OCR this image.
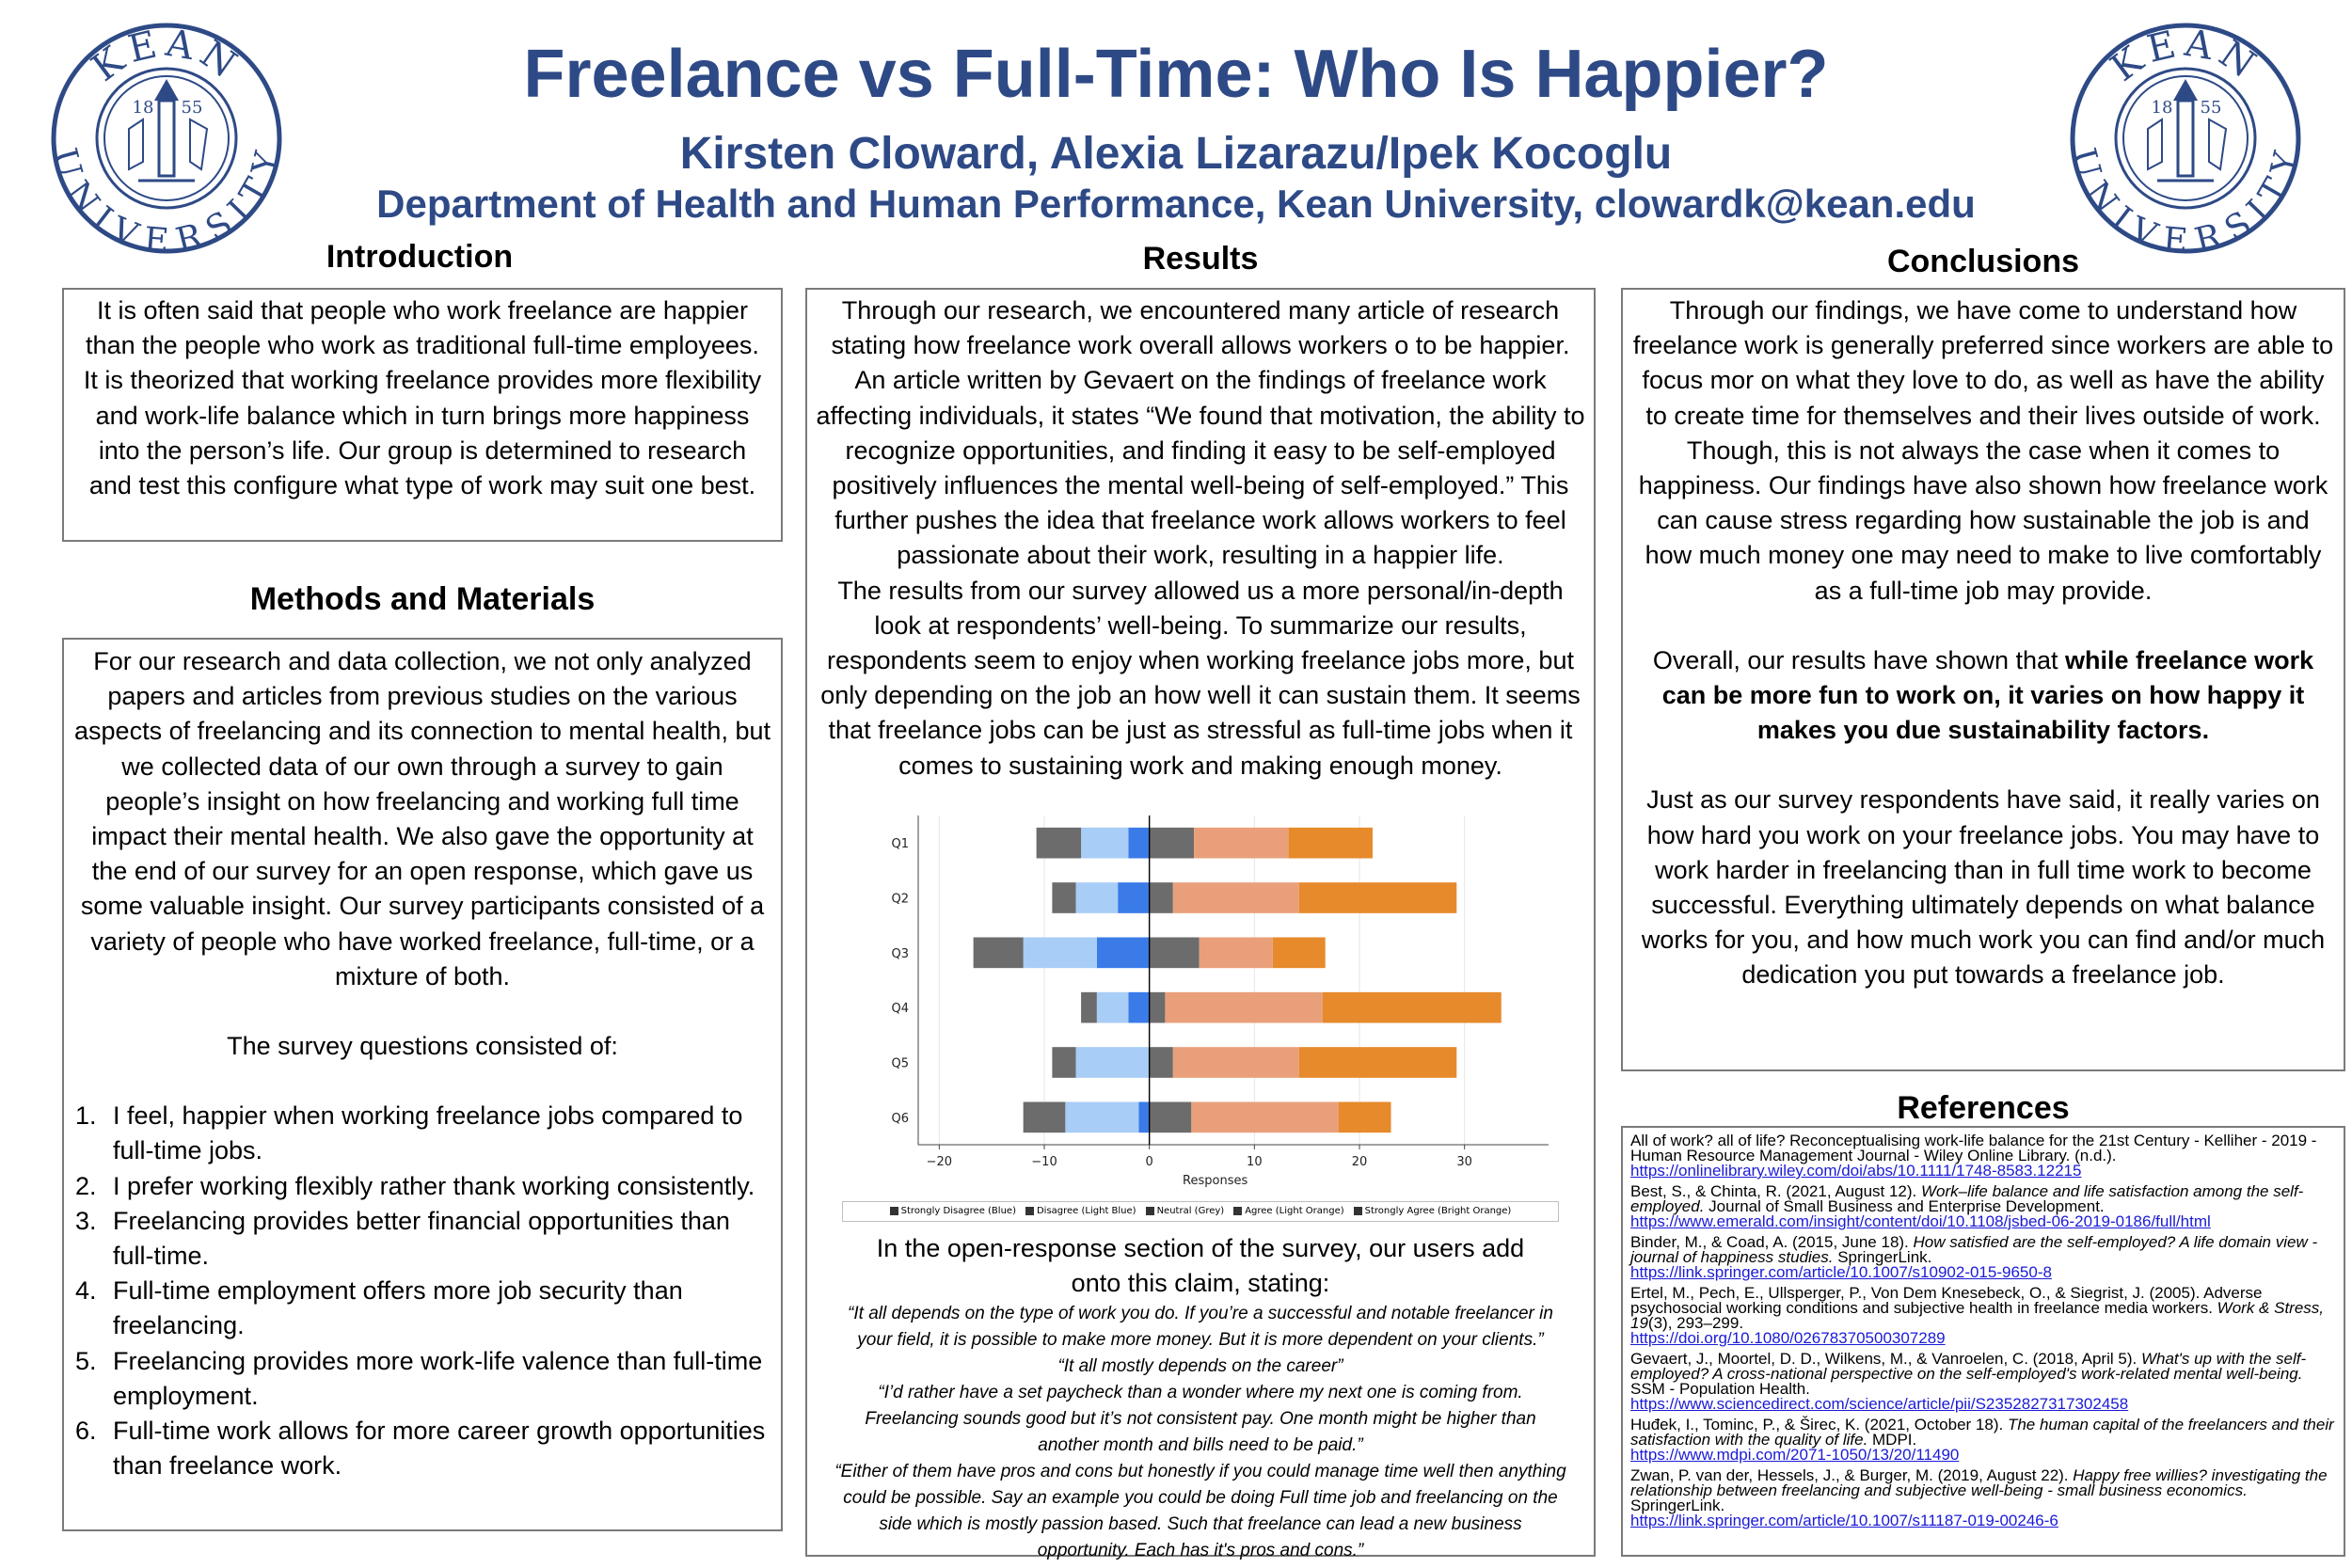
KEAN
UNIVERSITY
18 55
KEAN
UNIVERSITY
18 55
Freelance vs Full-Time: Who Is Happier?
Kirsten Cloward, Alexia Lizarazu/Ipek Kocoglu
Department of Health and Human Performance, Kean University, clowardk@kean.edu
Introduction
It is often said that people who work freelance are happier than the people who work as traditional full-time employees. It is theorized that working freelance provides more flexibility and work-life balance which in turn brings more happiness into the person’s life. Our group is determined to research and test this configure what type of work may suit one best.
Methods and Materials
For our research and data collection, we not only analyzed papers and articles from previous studies on the various aspects of freelancing and its connection to mental health, but we collected data of our own through a survey to gain people’s insight on how freelancing and working full time impact their mental health. We also gave the opportunity at the end of our survey for an open response, which gave us some valuable insight. Our survey participants consisted of a variety of people who have worked freelance, full-time, or a mixture of both.
The survey questions consisted of:
1. I feel, happier when working freelance jobs compared to full-time jobs.
2. I prefer working flexibly rather thank working consistently.
3. Freelancing provides better financial opportunities than full-time.
4. Full-time employment offers more job security than freelancing.
5. Freelancing provides more work-life valence than full-time employment.
6. Full-time work allows for more career growth opportunities than freelance work.
Results
Through our research, we encountered many article of research stating how freelance work overall allows workers o to be happier. An article written by Gevaert on the findings of freelance work affecting individuals, it states “We found that motivation, the ability to recognize opportunities, and finding it easy to be self-employed positively influences the mental well-being of self-employed.” This further pushes the idea that freelance work allows workers to feel passionate about their work, resulting in a happier life.
The results from our survey allowed us a more personal/in-depth look at respondents’ well-being. To summarize our results, respondents seem to enjoy when working freelance jobs more, but only depending on the job an how well it can sustain them. It seems that freelance jobs can be just as stressful as full-time jobs when it comes to sustaining work and making enough money.
Q1
Q2
Q3
Q4
Q5
Q6
−20	−10	0	10	20	30
Responses
Strongly Disagree (Blue) Disagree (Light Blue) Neutral (Grey) Agree (Light Orange) Strongly Agree (Bright Orange)
In the open-response section of the survey, our users add onto this claim, stating:
“It all depends on the type of work you do. If you’re a successful and notable freelancer in your field, it is possible to make more money. But it is more dependent on your clients.”
“It all mostly depends on the career”
“I’d rather have a set paycheck than a wonder where my next one is coming from. Freelancing sounds good but it’s not consistent pay. One month might be higher than another month and bills need to be paid.”
“Either of them have pros and cons but honestly if you could manage time well then anything could be possible. Say an example you could be doing Full time job and freelancing on the side which is mostly passion based. Such that freelance can lead a new business opportunity. Each has it's pros and cons.”
Conclusions
Through our findings, we have come to understand how freelance work is generally preferred since workers are able to focus mor on what they love to do, as well as have the ability to create time for themselves and their lives outside of work.
Though, this is not always the case when it comes to happiness. Our findings have also shown how freelance work can cause stress regarding how sustainable the job is and how much money one may need to make to live comfortably as a full-time job may provide.
Overall, our results have shown that while freelance work can be more fun to work on, it varies on how happy it makes you due sustainability factors.
Just as our survey respondents have said, it really varies on how hard you work on your freelance jobs. You may have to work harder in freelancing than in full time work to become successful. Everything ultimately depends on what balance works for you, and how much work you can find and/or much dedication you put towards a freelance job.
References
All of work? all of life? Reconceptualising work-life balance for the 21st Century - Kelliher - 2019 - Human Resource Management Journal - Wiley Online Library. (n.d.). https://onlinelibrary.wiley.com/doi/abs/10.1111/1748-8583.12215
Best, S., & Chinta, R. (2021, August 12). Work–life balance and life satisfaction among the self-employed. Journal of Small Business and Enterprise Development.
https://www.emerald.com/insight/content/doi/10.1108/jsbed-06-2019-0186/full/html
Binder, M., & Coad, A. (2015, June 18). How satisfied are the self-employed? A life domain view - journal of happiness studies. SpringerLink.
https://link.springer.com/article/10.1007/s10902-015-9650-8
Ertel, M., Pech, E., Ullsperger, P., Von Dem Knesebeck, O., & Siegrist, J. (2005). Adverse psychosocial working conditions and subjective health in freelance media workers. Work & Stress, 19(3), 293–299.
https://doi.org/10.1080/02678370500307289
Gevaert, J., Moortel, D. D., Wilkens, M., & Vanroelen, C. (2018, April 5). What's up with the self-employed? A cross-national perspective on the self-employed's work-related mental well-being. SSM - Population Health.
https://www.sciencedirect.com/science/article/pii/S2352827317302458
Huđek, I., Tominc, P., & Širec, K. (2021, October 18). The human capital of the freelancers and their satisfaction with the quality of life. MDPI.
https://www.mdpi.com/2071-1050/13/20/11490
Zwan, P. van der, Hessels, J., & Burger, M. (2019, August 22). Happy free willies? investigating the relationship between freelancing and subjective well-being - small business economics. SpringerLink.
https://link.springer.com/article/10.1007/s11187-019-00246-6
